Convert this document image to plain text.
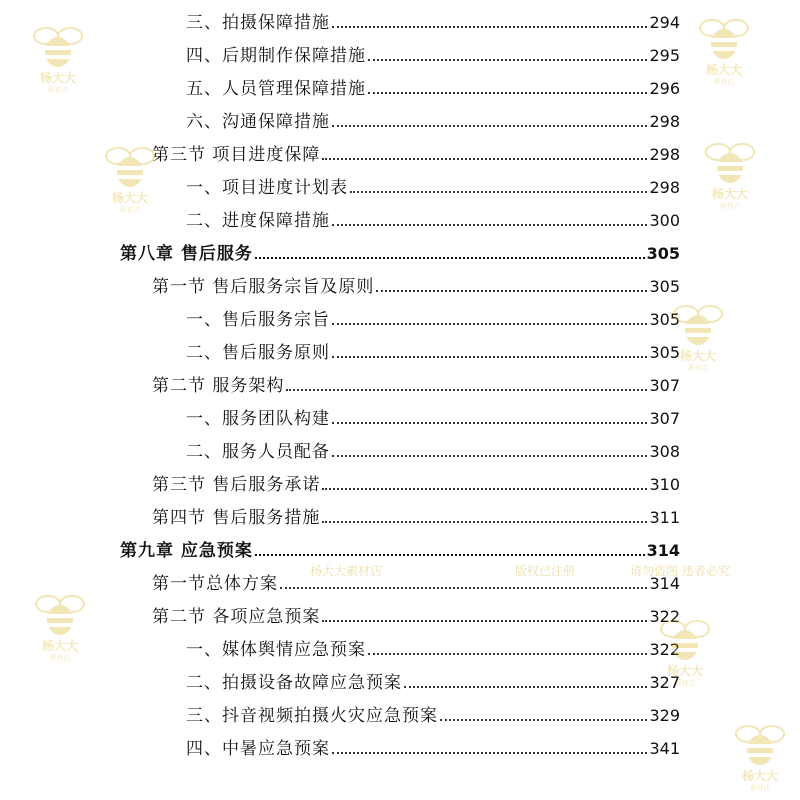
三、拍摄保障措施	294
四、后期制作保障措施	295
五、人员管理保障措施	296
六、沟通保障措施	298
第三节 项目进度保障	298
一、项目进度计划表	298
二、进度保障措施	300
第八章 售后服务	305
第一节 售后服务宗旨及原则	305
一、售后服务宗旨	305
二、售后服务原则	305
第二节 服务架构	307
一、服务团队构建	307
二、服务人员配备	308
第三节 售后服务承诺	310
第四节 售后服务措施	311
第九章 应急预案	314
第一节总体方案	314
第二节 各项应急预案	322
一、媒体舆情应急预案	322
二、拍摄设备故障应急预案	327
三、抖音视频拍摄火灾应急预案	329
四、中暑应急预案	341
杨大大
素材店
杨大大
素材店
杨大大
素材店
杨大大
素材店
杨大大
素材店
杨大大
素材店
杨大大
素材店
杨大大
素材店
杨大大素材店	版权已注册	请勿盗图 违者必究
